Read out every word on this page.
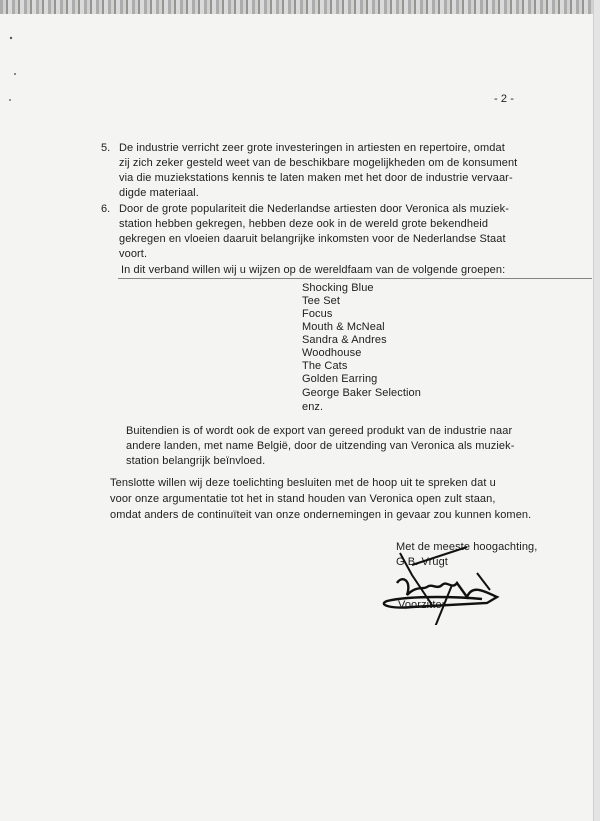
- 2 -
5. De industrie verricht zeer grote investeringen in artiesten en repertoire, omdat
zij zich zeker gesteld weet van de beschikbare mogelijkheden om de konsument
via die muziekstations kennis te laten maken met het door de industrie vervaar-
digde materiaal.
6. Door de grote populariteit die Nederlandse artiesten door Veronica als muziek-
station hebben gekregen, hebben deze ook in de wereld grote bekendheid
gekregen en vloeien daaruit belangrijke inkomsten voor de Nederlandse Staat
voort.
In dit verband willen wij u wijzen op de wereldfaam van de volgende groepen:
Shocking Blue
Tee Set
Focus
Mouth & McNeal
Sandra & Andres
Woodhouse
The Cats
Golden Earring
George Baker Selection
enz.
Buitendien is of wordt ook de export van gereed produkt van de industrie naar
andere landen, met name België, door de uitzending van Veronica als muziek-
station belangrijk beïnvloed.
Tenslotte willen wij deze toelichting besluiten met de hoop uit te spreken dat u
voor onze argumentatie tot het in stand houden van Veronica open zult staan,
omdat anders de continuïteit van onze ondernemingen in gevaar zou kunnen komen.
Met de meeste hoogachting,
G.B. Vrugt
Voorzitter
